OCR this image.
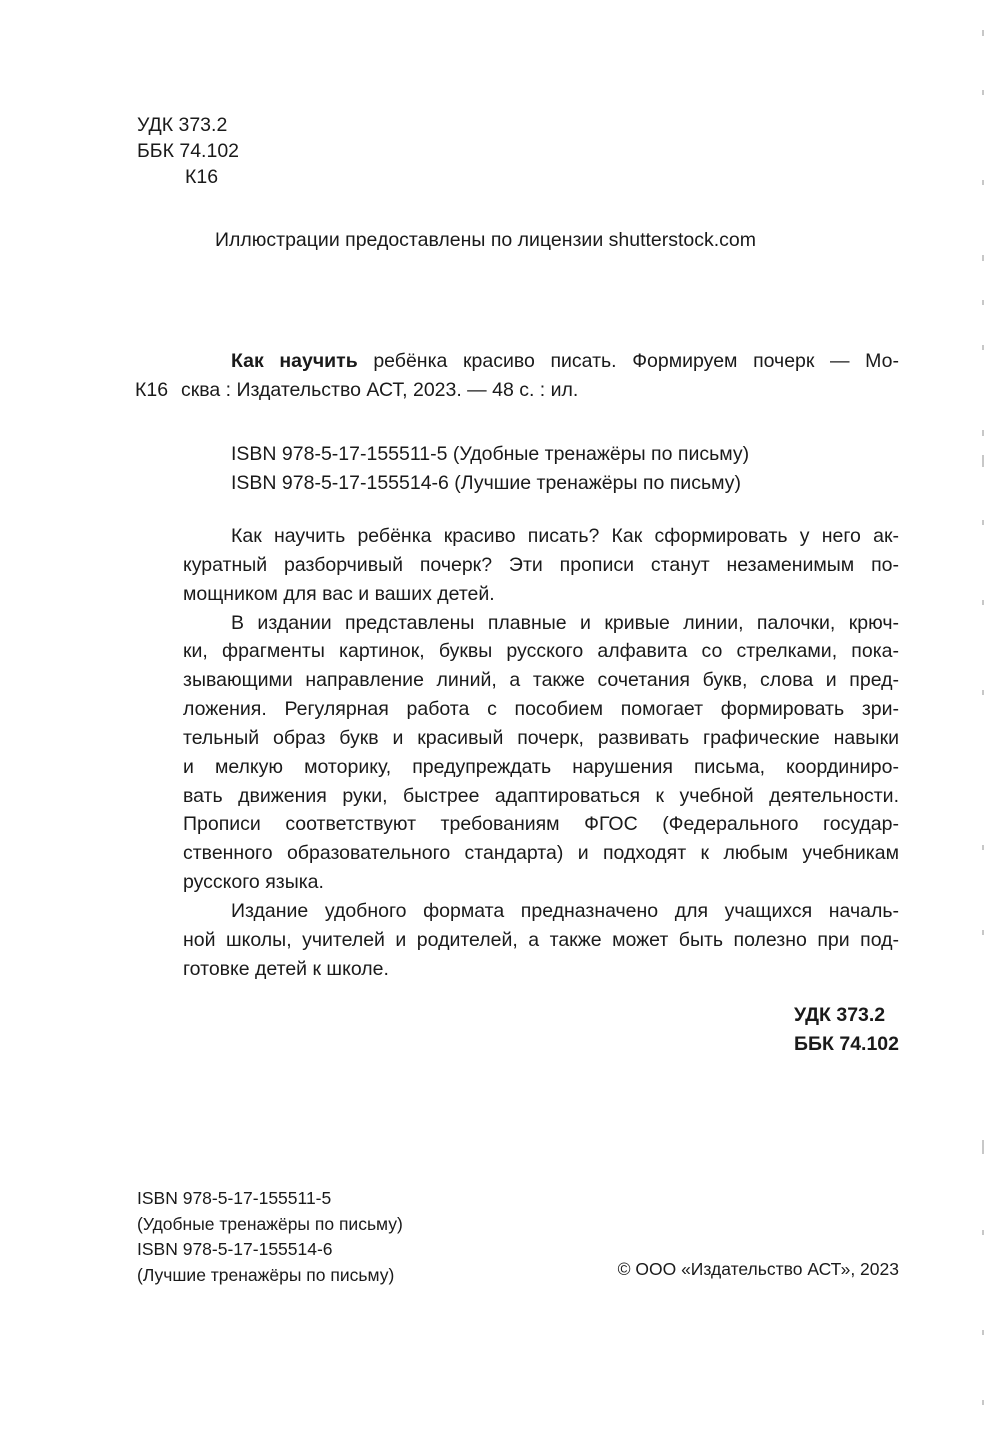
УДК 373.2
ББК 74.102
К16
Иллюстрации предоставлены по лицензии shutterstock.com
Как научить ребёнка красиво писать. Формируем почерк — Мо-
К16 сква : Издательство АСТ, 2023. — 48 с. : ил.
ISBN 978-5-17-155511-5 (Удобные тренажёры по письму)
ISBN 978-5-17-155514-6 (Лучшие тренажёры по письму)
Как научить ребёнка красиво писать? Как сформировать у него ак-
куратный разборчивый почерк? Эти прописи станут незаменимым по-
мощником для вас и ваших детей.
В издании представлены плавные и кривые линии, палочки, крюч-
ки, фрагменты картинок, буквы русского алфавита со стрелками, пока-
зывающими направление линий, а также сочетания букв, слова и пред-
ложения. Регулярная работа с пособием помогает формировать зри-
тельный образ букв и красивый почерк, развивать графические навыки
и мелкую моторику, предупреждать нарушения письма, координиро-
вать движения руки, быстрее адаптироваться к учебной деятельности.
Прописи соответствуют требованиям ФГОС (Федерального государ-
ственного образовательного стандарта) и подходят к любым учебникам
русского языка.
Издание удобного формата предназначено для учащихся началь-
ной школы, учителей и родителей, а также может быть полезно при под-
готовке детей к школе.
УДК 373.2
ББК 74.102
ISBN 978-5-17-155511-5
(Удобные тренажёры по письму)
ISBN 978-5-17-155514-6
(Лучшие тренажёры по письму)	© ООО «Издательство АСТ», 2023
